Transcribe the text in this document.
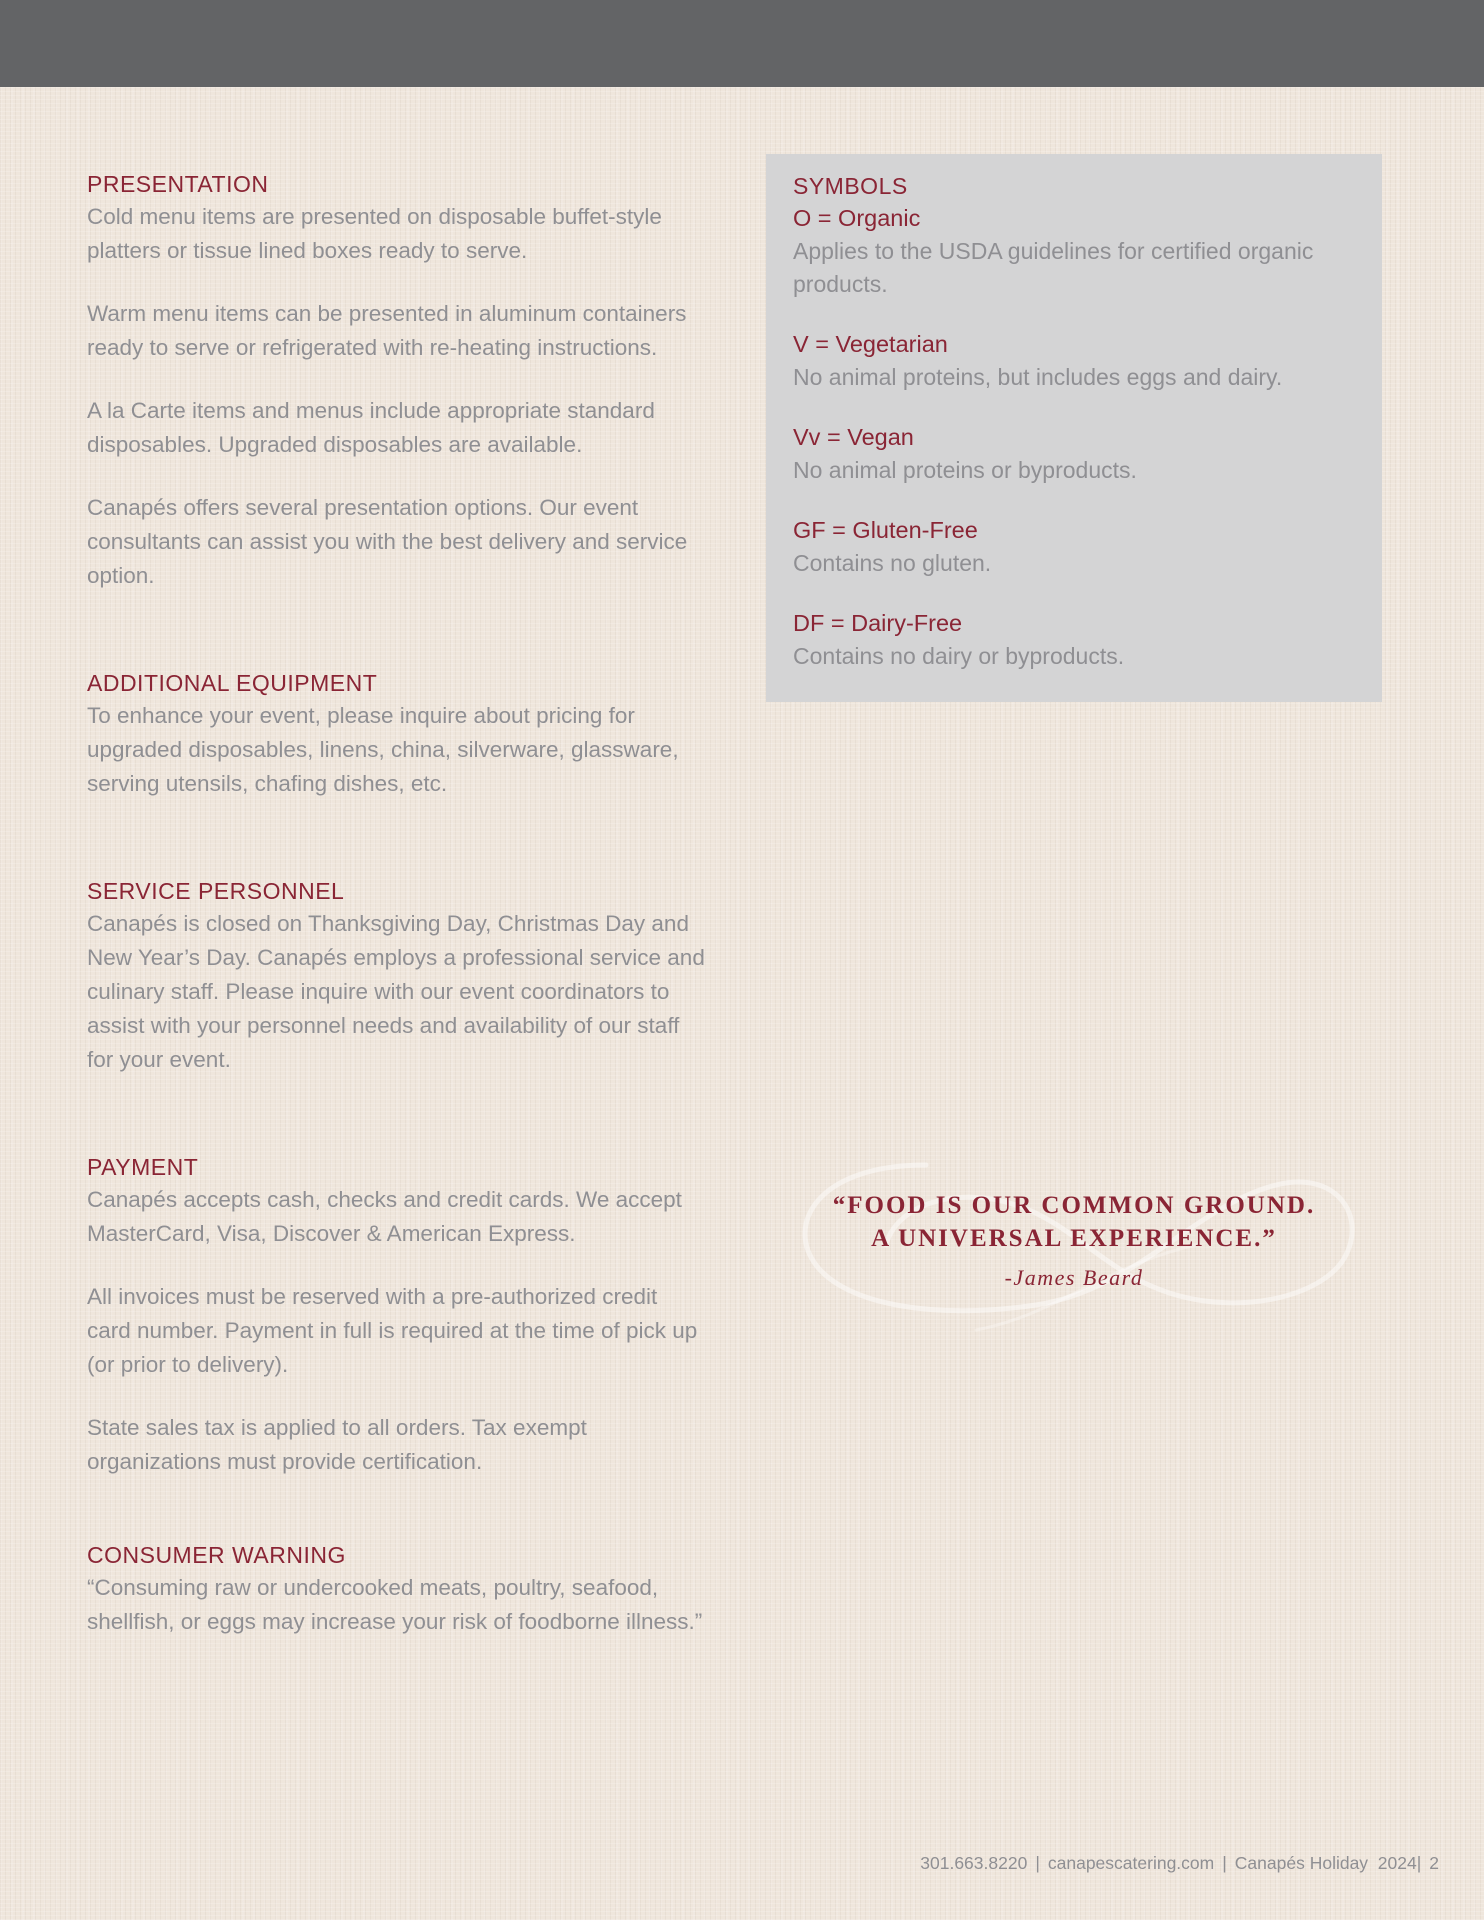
PRESENTATION

Cold menu items are presented on disposable buffet-style platters or tissue lined boxes ready to serve.

Warm menu items can be presented in aluminum containers ready to serve or refrigerated with re-heating instructions.

A la Carte items and menus include appropriate standard disposables. Upgraded disposables are available.

Canapés offers several presentation options. Our event consultants can assist you with the best delivery and service option.

ADDITIONAL EQUIPMENT

To enhance your event, please inquire about pricing for upgraded disposables, linens, china, silverware, glassware, serving utensils, chafing dishes, etc.

SERVICE PERSONNEL

Canapés is closed on Thanksgiving Day, Christmas Day and New Year’s Day. Canapés employs a professional service and culinary staff. Please inquire with our event coordinators to assist with your personnel needs and availability of our staff for your event.

PAYMENT

Canapés accepts cash, checks and credit cards. We accept MasterCard, Visa, Discover & American Express.

All invoices must be reserved with a pre-authorized credit card number. Payment in full is required at the time of pick up (or prior to delivery).

State sales tax is applied to all orders. Tax exempt organizations must provide certification.

CONSUMER WARNING

“Consuming raw or undercooked meats, poultry, seafood, shellfish, or eggs may increase your risk of foodborne illness.”

SYMBOLS
O = Organic
Applies to the USDA guidelines for certified organic products.
V = Vegetarian
No animal proteins, but includes eggs and dairy.
Vv = Vegan
No animal proteins or byproducts.
GF = Gluten-Free
Contains no gluten.
DF = Dairy-Free
Contains no dairy or byproducts.
“FOOD IS OUR COMMON GROUND.
A UNIVERSAL EXPERIENCE.”
-James Beard
301.663.8220 | canapescatering.com | Canapés Holiday  2024| 2
